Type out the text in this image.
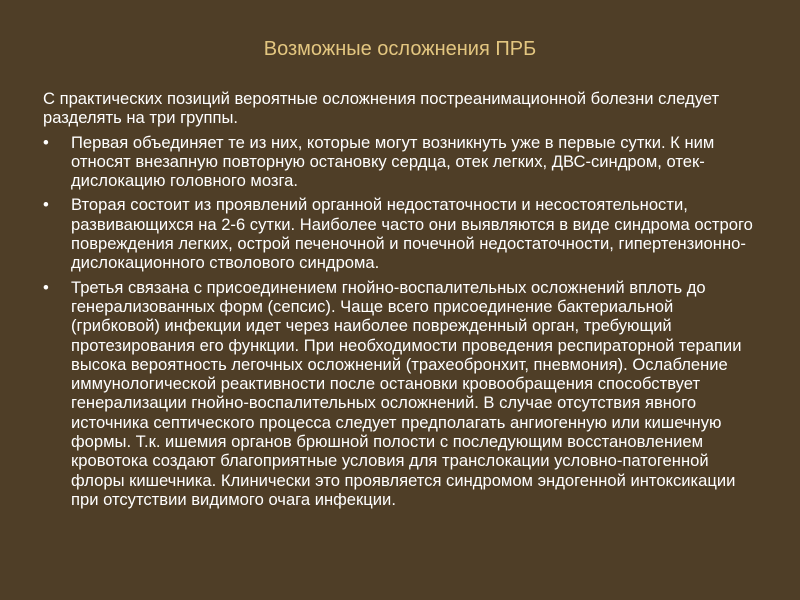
Возможные осложнения ПРБ

С практических позиций вероятные осложнения постреанимационной болезни следует разделять на три группы.

•	Первая объединяет те из них, которые могут возникнуть уже в первые сутки. К ним относят внезапную повторную остановку сердца, отек легких, ДВС-синдром, отек-дислокацию головного мозга.
•	Вторая состоит из проявлений органной недостаточности и несостоятельности, развивающихся на 2-6 сутки. Наиболее часто они выявляются в виде синдрома острого повреждения легких, острой печеночной и почечной недостаточности, гипертензионно-дислокационного стволового синдрома.
•	Третья связана с присоединением гнойно-воспалительных осложнений вплоть до генерализованных форм (сепсис). Чаще всего присоединение бактериальной (грибковой) инфекции идет через наиболее поврежденный орган, требующий протезирования его функции. При необходимости проведения респираторной терапии высока вероятность легочных осложнений (трахеобронхит, пневмония). Ослабление иммунологической реактивности после остановки кровообращения способствует генерализации гнойно-воспалительных осложнений. В случае отсутствия явного источника септического процесса следует предполагать ангиогенную или кишечную формы. Т.к. ишемия органов брюшной полости с последующим восстановлением кровотока создают благоприятные условия для транслокации условно-патогенной флоры кишечника. Клинически это проявляется синдромом эндогенной интоксикации при отсутствии видимого очага инфекции.
